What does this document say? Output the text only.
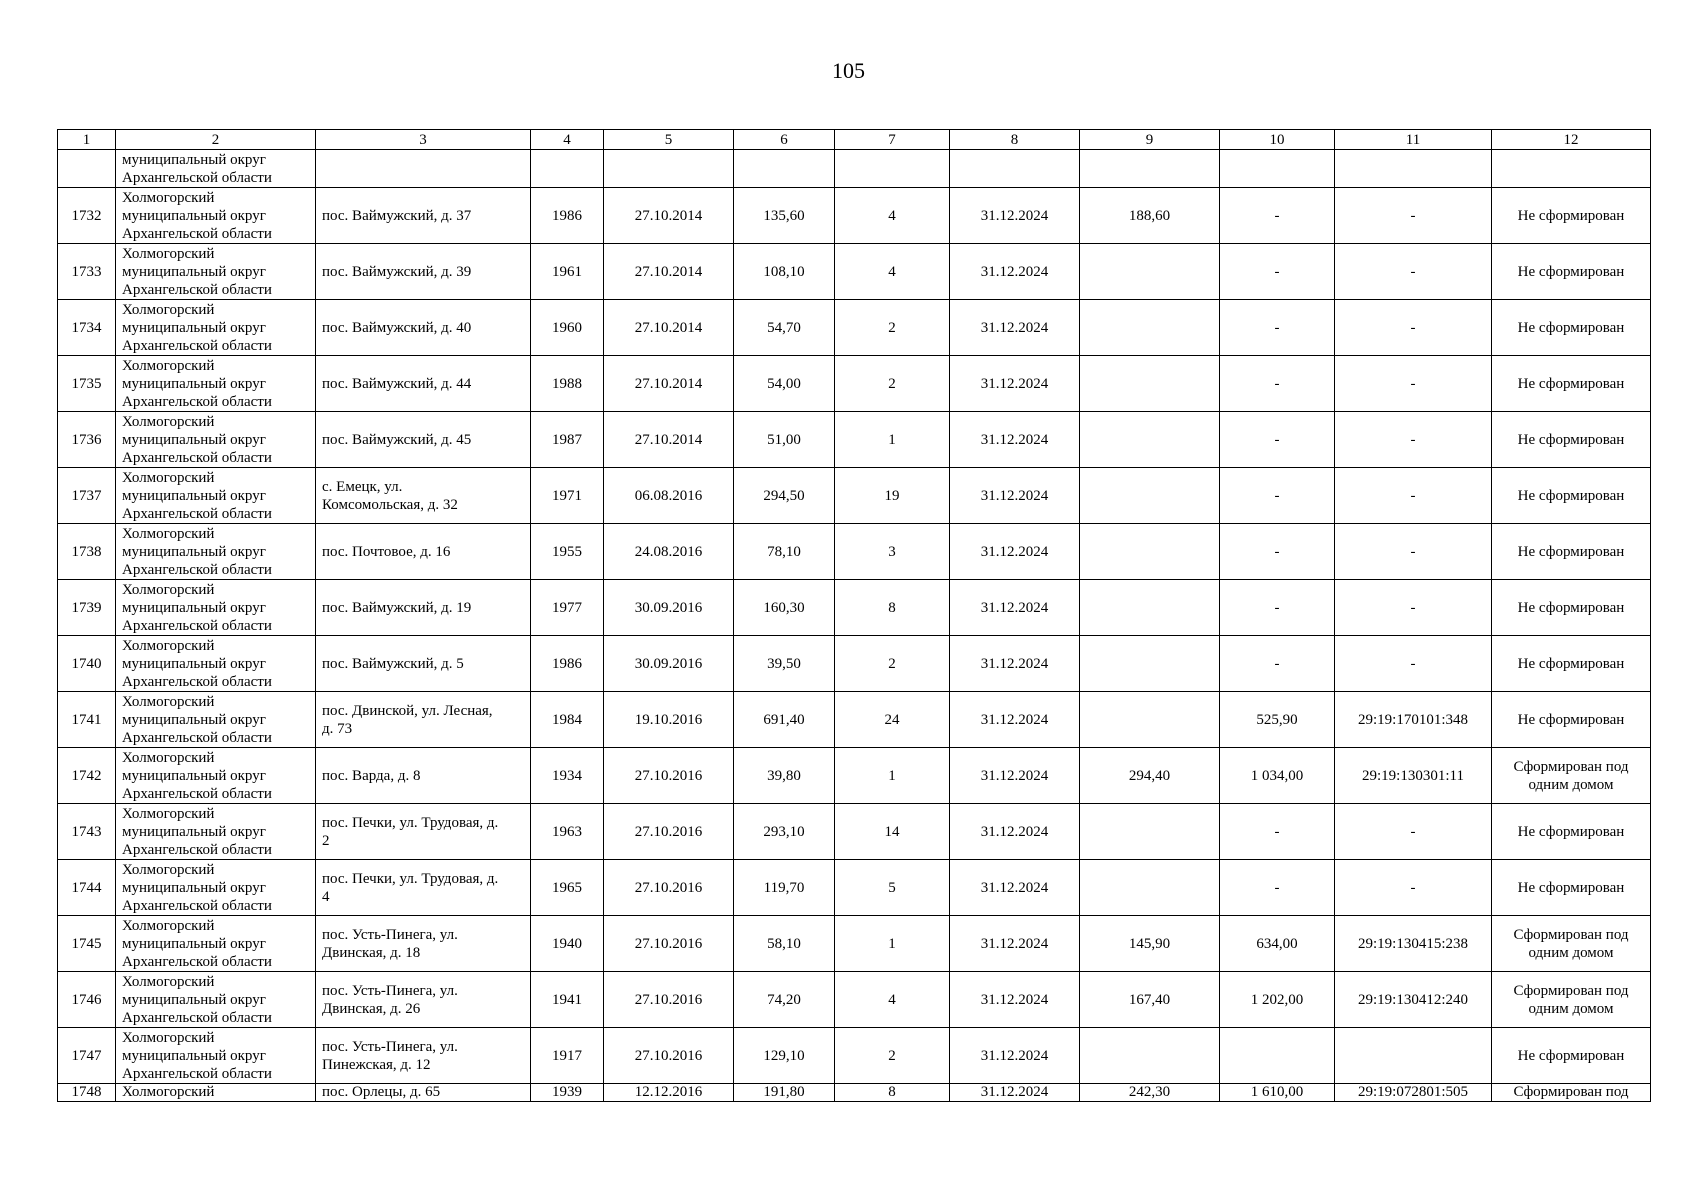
105
1	2	3	4	5	6	7	8	9	10	11	12
	муниципальный округ
Архангельской области										
1732	Холмогорский
муниципальный округ
Архангельской области	пос. Ваймужский, д. 37	1986	27.10.2014	135,60	4	31.12.2024	188,60	-	-	Не сформирован
1733	Холмогорский
муниципальный округ
Архангельской области	пос. Ваймужский, д. 39	1961	27.10.2014	108,10	4	31.12.2024		-	-	Не сформирован
1734	Холмогорский
муниципальный округ
Архангельской области	пос. Ваймужский, д. 40	1960	27.10.2014	54,70	2	31.12.2024		-	-	Не сформирован
1735	Холмогорский
муниципальный округ
Архангельской области	пос. Ваймужский, д. 44	1988	27.10.2014	54,00	2	31.12.2024		-	-	Не сформирован
1736	Холмогорский
муниципальный округ
Архангельской области	пос. Ваймужский, д. 45	1987	27.10.2014	51,00	1	31.12.2024		-	-	Не сформирован
1737	Холмогорский
муниципальный округ
Архангельской области	с. Емецк, ул.
Комсомольская, д. 32	1971	06.08.2016	294,50	19	31.12.2024		-	-	Не сформирован
1738	Холмогорский
муниципальный округ
Архангельской области	пос. Почтовое, д. 16	1955	24.08.2016	78,10	3	31.12.2024		-	-	Не сформирован
1739	Холмогорский
муниципальный округ
Архангельской области	пос. Ваймужский, д. 19	1977	30.09.2016	160,30	8	31.12.2024		-	-	Не сформирован
1740	Холмогорский
муниципальный округ
Архангельской области	пос. Ваймужский, д. 5	1986	30.09.2016	39,50	2	31.12.2024		-	-	Не сформирован
1741	Холмогорский
муниципальный округ
Архангельской области	пос. Двинской, ул. Лесная,
д. 73	1984	19.10.2016	691,40	24	31.12.2024		525,90	29:19:170101:348	Не сформирован
1742	Холмогорский
муниципальный округ
Архангельской области	пос. Варда, д. 8	1934	27.10.2016	39,80	1	31.12.2024	294,40	1 034,00	29:19:130301:11	Сформирован под
одним домом
1743	Холмогорский
муниципальный округ
Архангельской области	пос. Печки, ул. Трудовая, д.
2	1963	27.10.2016	293,10	14	31.12.2024		-	-	Не сформирован
1744	Холмогорский
муниципальный округ
Архангельской области	пос. Печки, ул. Трудовая, д.
4	1965	27.10.2016	119,70	5	31.12.2024		-	-	Не сформирован
1745	Холмогорский
муниципальный округ
Архангельской области	пос. Усть-Пинега, ул.
Двинская, д. 18	1940	27.10.2016	58,10	1	31.12.2024	145,90	634,00	29:19:130415:238	Сформирован под
одним домом
1746	Холмогорский
муниципальный округ
Архангельской области	пос. Усть-Пинега, ул.
Двинская, д. 26	1941	27.10.2016	74,20	4	31.12.2024	167,40	1 202,00	29:19:130412:240	Сформирован под
одним домом
1747	Холмогорский
муниципальный округ
Архангельской области	пос. Усть-Пинега, ул.
Пинежская, д. 12	1917	27.10.2016	129,10	2	31.12.2024				Не сформирован
1748	Холмогорский	пос. Орлецы, д. 65	1939	12.12.2016	191,80	8	31.12.2024	242,30	1 610,00	29:19:072801:505	Сформирован под
